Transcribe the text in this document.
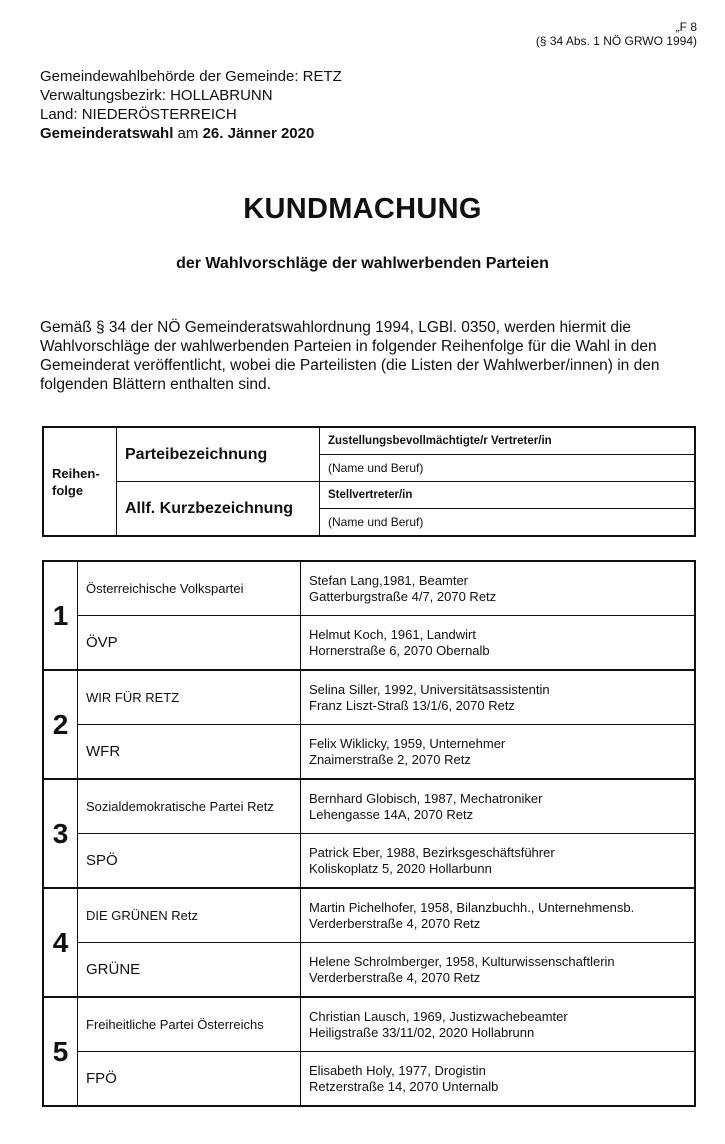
„F 8
(§ 34 Abs. 1 NÖ GRWO 1994)
Gemeindewahlbehörde der Gemeinde: RETZ
Verwaltungsbezirk: HOLLABRUNN
Land: NIEDERÖSTERREICH
Gemeinderatswahl am 26. Jänner 2020
KUNDMACHUNG
der Wahlvorschläge der wahlwerbenden Parteien
Gemäß § 34 der NÖ Gemeinderatswahlordnung 1994, LGBl. 0350, werden hiermit die Wahlvorschläge der wahlwerbenden Parteien in folgender Reihenfolge für die Wahl in den Gemeinderat veröffentlicht, wobei die Parteilisten (die Listen der Wahlwerber/innen) in den folgenden Blättern enthalten sind.
Reihen-
folge	Parteibezeichnung	Zustellungsbevollmächtigte/r Vertreter/in
		(Name und Beruf)
	Allf. Kurzbezeichnung	Stellvertreter/in
		(Name und Beruf)
1	Österreichische Volkspartei	Stefan Lang,1981, Beamter
Gatterburgstraße 4/7, 2070 Retz

	ÖVP	Helmut Koch, 1961, Landwirt
Hornerstraße 6, 2070 Obernalb

2	WIR FÜR RETZ	Selina Siller, 1992, Universitätsassistentin
Franz Liszt-Straß 13/1/6, 2070 Retz

	WFR	Felix Wiklicky, 1959, Unternehmer
Znaimerstraße 2, 2070 Retz

3	Sozialdemokratische Partei Retz	Bernhard Globisch, 1987, Mechatroniker
Lehengasse 14A, 2070 Retz

	SPÖ	Patrick Eber, 1988, Bezirksgeschäftsführer
Koliskoplatz 5, 2020 Hollarbunn

4	DIE GRÜNEN Retz	Martin Pichelhofer, 1958, Bilanzbuchh., Unternehmensb.
Verderberstraße 4, 2070 Retz

	GRÜNE	Helene Schrolmberger, 1958, Kulturwissenschaftlerin
Verderberstraße 4, 2070 Retz

5	Freiheitliche Partei Österreichs	Christian Lausch, 1969, Justizwachebeamter
Heiligstraße 33/11/02, 2020 Hollabrunn

	FPÖ	Elisabeth Holy, 1977, Drogistin
Retzerstraße 14, 2070 Unternalb
